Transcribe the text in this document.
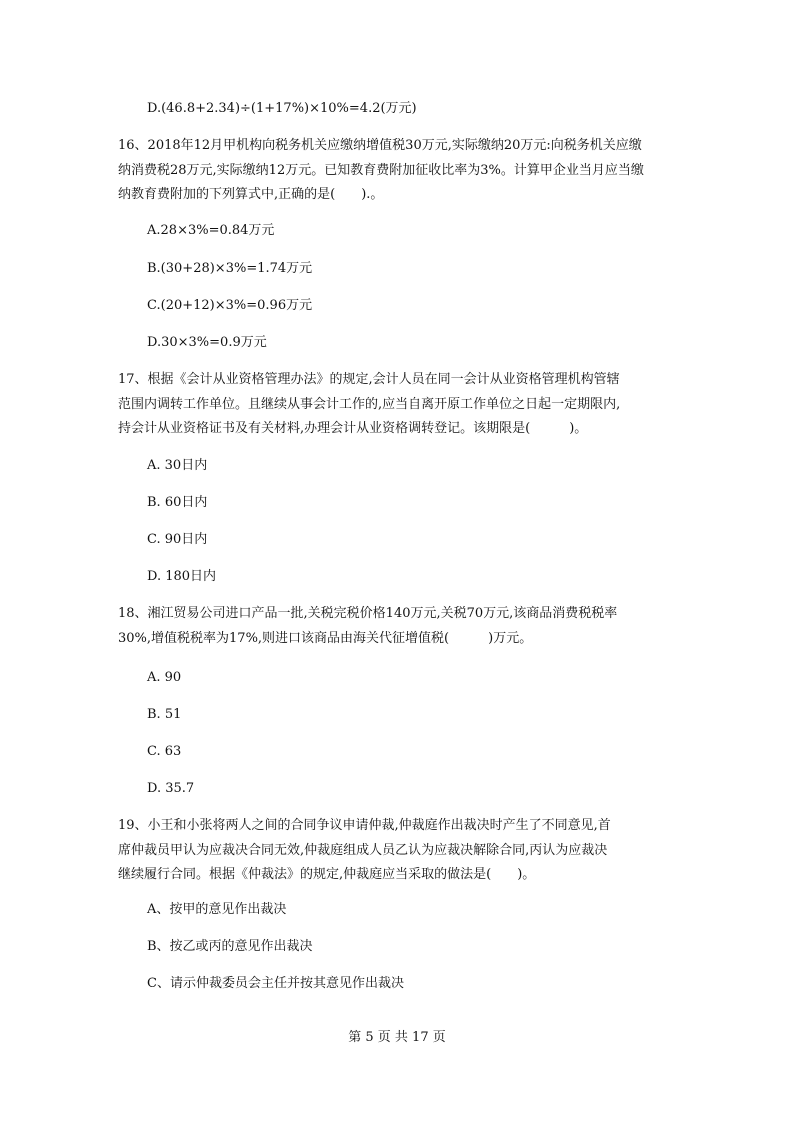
D.(46.8+2.34)÷(1+17%)×10%=4.2(万元)
16、2018年12月甲机构向税务机关应缴纳增值税30万元,实际缴纳20万元:向税务机关应缴
纳消费税28万元,实际缴纳12万元。已知教育费附加征收比率为3%。计算甲企业当月应当缴
纳教育费附加的下列算式中,正确的是(　　).。
A.28×3%=0.84万元
B.(30+28)×3%=1.74万元
C.(20+12)×3%=0.96万元
D.30×3%=0.9万元
17、根据《会计从业资格管理办法》的规定,会计人员在同一会计从业资格管理机构管辖
范围内调转工作单位。且继续从事会计工作的,应当自离开原工作单位之日起一定期限内,
持会计从业资格证书及有关材料,办理会计从业资格调转登记。该期限是(　　　)。
A. 30日内
B. 60日内
C. 90日内
D. 180日内
18、湘江贸易公司进口产品一批,关税完税价格140万元,关税70万元,该商品消费税税率
30%,增值税税率为17%,则进口该商品由海关代征增值税(　　　)万元。
A. 90
B. 51
C. 63
D. 35.7
19、小王和小张将两人之间的合同争议申请仲裁,仲裁庭作出裁决时产生了不同意见,首
席仲裁员甲认为应裁决合同无效,仲裁庭组成人员乙认为应裁决解除合同,丙认为应裁决
继续履行合同。根据《仲裁法》的规定,仲裁庭应当采取的做法是(　　)。
A、按甲的意见作出裁决
B、按乙或丙的意见作出裁决
C、请示仲裁委员会主任并按其意见作出裁决
第 5 页 共 17 页
